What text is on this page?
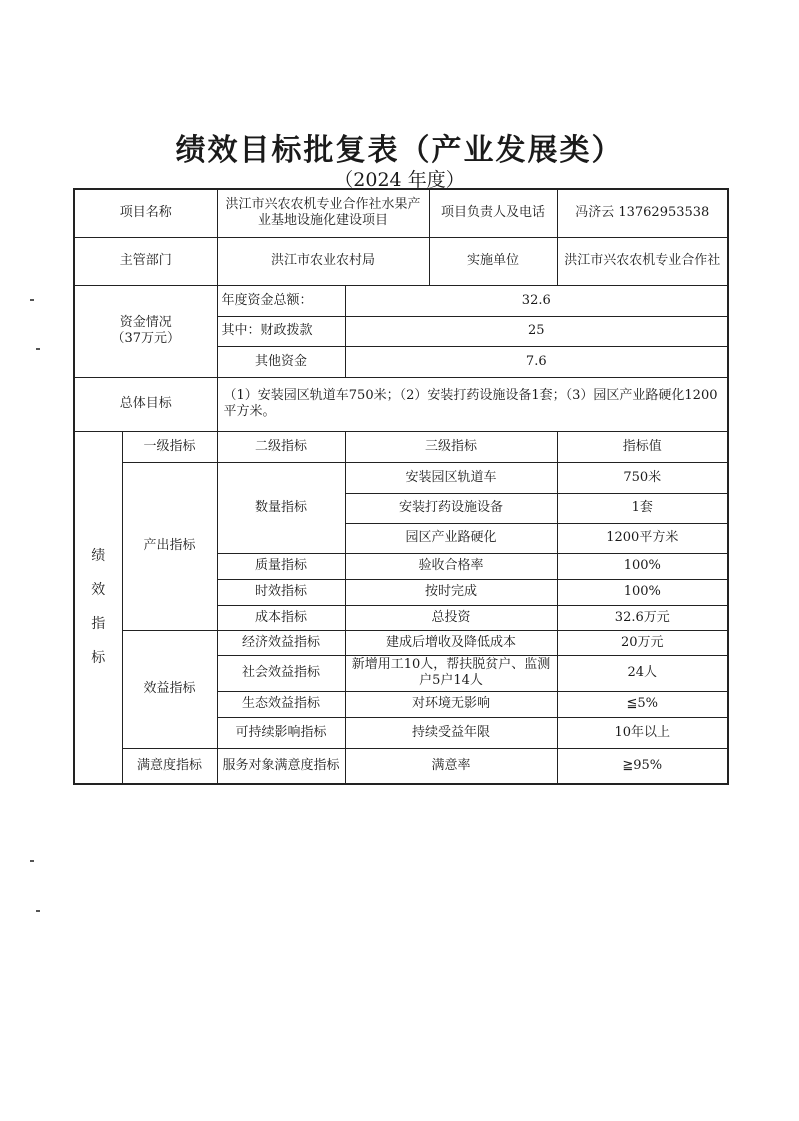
绩效目标批复表（产业发展类）
（2024 年度）
项目名称		洪江市兴农农机专业合作社水果产业基地设施化建设项目		项目负责人及电话	冯济云 13762953538
主管部门		洪江市农业农村局		实施单位	洪江市兴农农机专业合作社

资金情况
（37万元）		年度资金总额：	32.6		
		其中：财政拨款	25		
		其他资金	7.6		
总体目标		（1）安装园区轨道车750米；（2）安装打药设施设备1套；（3）园区产业路硬化1200平方米。			
绩
效
指
标	一级指标	二级指标	三级指标		指标值
	产出指标	数量指标	安装园区轨道车		750米
			安装打药设施设备		1套
			园区产业路硬化		1200平方米
		质量指标	验收合格率		100%
		时效指标	按时完成		100%
		成本指标	总投资		32.6万元
	效益指标	经济效益指标	建成后增收及降低成本		20万元
		社会效益指标	新增用工10人，帮扶脱贫户、监测户5户14人		24人
		生态效益指标	对环境无影响		≦5%
		可持续影响指标	持续受益年限		10年以上
	满意度指标	服务对象满意度指标	满意率		≧95%
